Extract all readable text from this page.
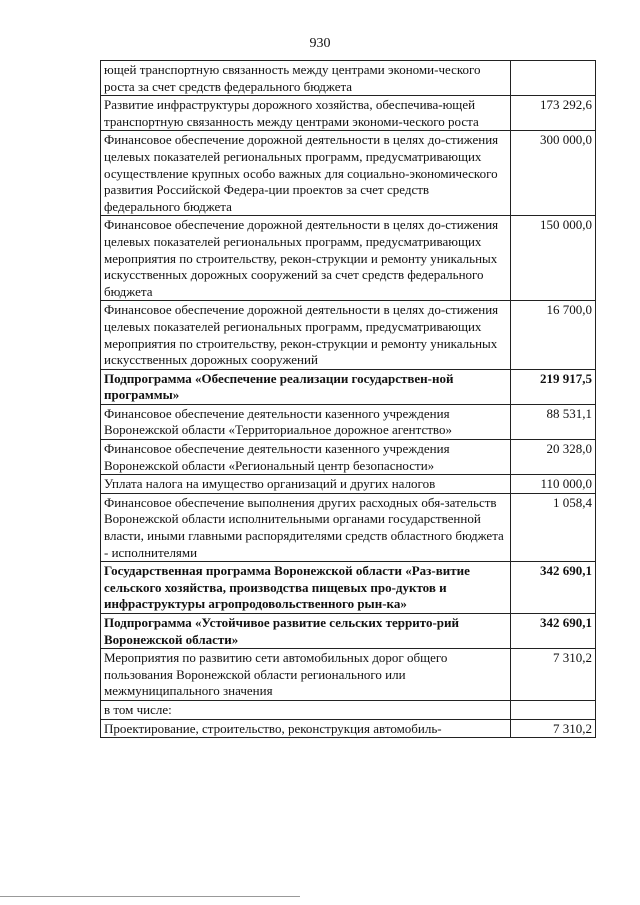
930
ющей транспортную связанность между центрами экономи-ческого роста за счет средств федерального бюджета	
Развитие инфраструктуры дорожного хозяйства, обеспечива-ющей транспортную связанность между центрами экономи-ческого роста	173 292,6
Финансовое обеспечение дорожной деятельности в целях до-стижения целевых показателей региональных программ, предусматривающих осуществление крупных особо важных для социально-экономического развития Российской Федера-ции проектов за счет средств федерального бюджета	300 000,0
Финансовое обеспечение дорожной деятельности в целях до-стижения целевых показателей региональных программ, предусматривающих мероприятия по строительству, рекон-струкции и ремонту уникальных искусственных дорожных сооружений за счет средств федерального бюджета	150 000,0
Финансовое обеспечение дорожной деятельности в целях до-стижения целевых показателей региональных программ, предусматривающих мероприятия по строительству, рекон-струкции и ремонту уникальных искусственных дорожных сооружений	16 700,0
Подпрограмма «Обеспечение реализации государствен-ной программы»	219 917,5
Финансовое обеспечение деятельности казенного учреждения Воронежской области «Территориальное дорожное агентство»	88 531,1
Финансовое обеспечение деятельности казенного учреждения Воронежской области «Региональный центр безопасности»	20 328,0
Уплата налога на имущество организаций и других налогов	110 000,0
Финансовое обеспечение выполнения других расходных обя-зательств Воронежской области исполнительными органами государственной власти, иными главными распорядителями средств областного бюджета - исполнителями	1 058,4
Государственная программа Воронежской области «Раз-витие сельского хозяйства, производства пищевых про-дуктов и инфраструктуры агропродовольственного рын-ка»	342 690,1
Подпрограмма «Устойчивое развитие сельских террито-рий Воронежской области»	342 690,1
Мероприятия по развитию сети автомобильных дорог общего пользования Воронежской области регионального или межмуниципального значения	7 310,2
в том числе:	
Проектирование, строительство, реконструкция автомобиль-	7 310,2
